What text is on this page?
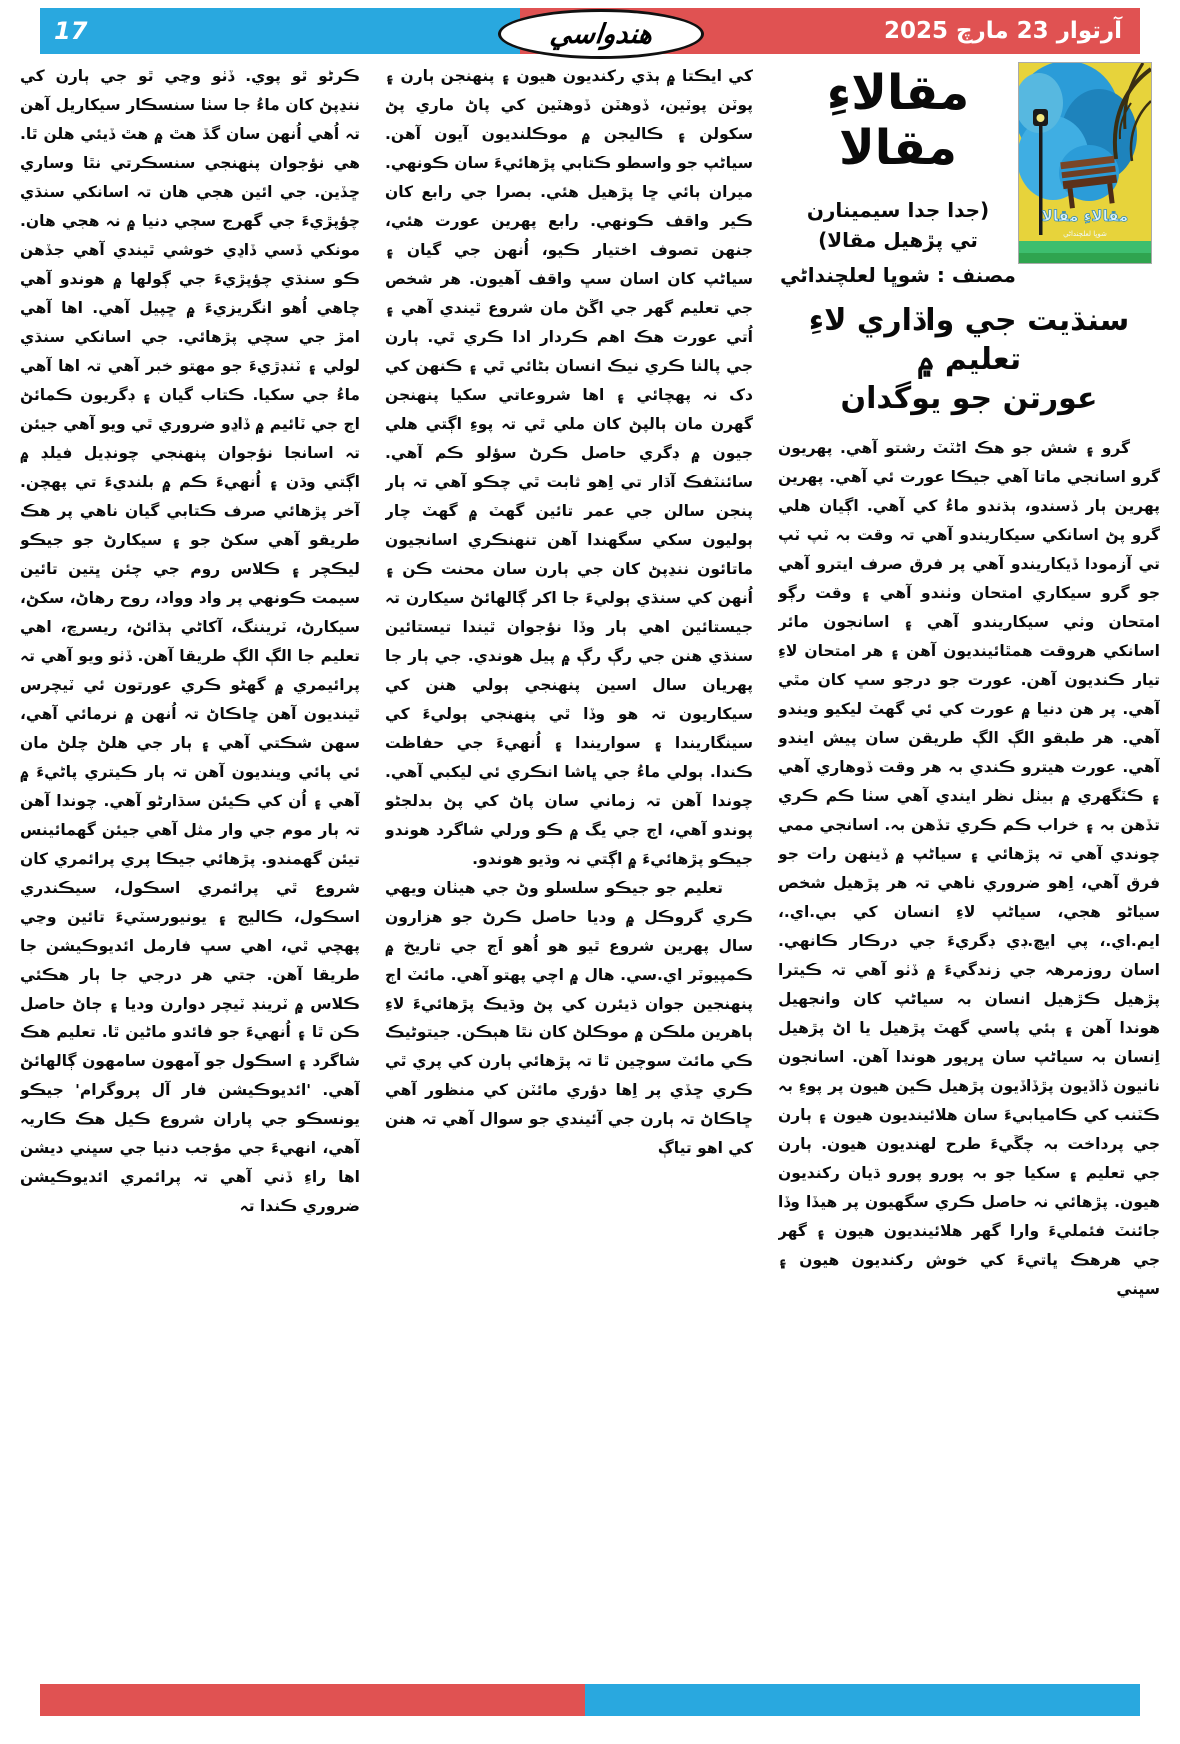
17	آرتوار 23 مارچ 2025
هندواسي
مقالاءِ مقالا
شوڀا لعلچنداڻي
مقالاءِ
مقالا
(جدا جدا سيمينارن
تي پڙهيل مقالا)
مصنف : شوڀا لعلچنداڻي
سنڌيت جي واڌاري لاءِ تعليم ۾
عورتن جو يوگدان

گرو ۽ شش جو هڪ اڻٽٽ رشتو آهي. پهريون گرو اسانجي ماتا آهي جيڪا عورت ئي آهي. پهرين پهرين ٻار ڏسندو، ٻڌندو ماءُ کي آهي. اڳيان هلي گرو پڻ اسانکي سيکاريندو آهي تہ وقت بہ ٽپ ٽپ تي آزمودا ڏيکاريندو آهي پر فرق صرف ايترو آهي جو گرو سيکاري امتحان وٺندو آهي ۽ وقت رڳو امتحان وٺي سيکاريندو آهي ۽ اسانجون مائر اسانکي هروقت همٿائينديون آهن ۽ هر امتحان لاءِ تيار ڪنديون آهن. عورت جو درجو سڀ کان مٿي آهي. پر هن دنيا ۾ عورت کي ئي گهٽ ليکيو ويندو آهي. هر طبقو الڳ الڳ طريقن سان پيش ايندو آهي. عورت هيترو ڪندي بہ هر وقت ڏوهاري آهي ۽ ڪٽگهري ۾ بيٺل نظر ايندي آهي سٺا ڪم ڪري تڏهن بہ ۽ خراب ڪم ڪري تڏهن بہ. اسانجي ممي چوندي آهي تہ پڙهائي ۽ سياڻپ ۾ ڏينهن رات جو فرق آهي، اِهو ضروري ناهي تہ هر پڙهيل شخص سياڻو هجي، سياڻپ لاءِ انسان کي بي.اي.، ايم.اي.، پي ايڇ.ڊي ڊگريءَ جي درڪار ڪانهي. اسان روزمرهہ جي زندگيءَ ۾ ڏٺو آهي تہ ڪيترا پڙهيل ڪڙهيل انسان بہ سياڻپ کان وانجهيل هوندا آهن ۽ ٻئي پاسي گهٽ پڙهيل يا اڻ پڙهيل اِنسان بہ سياڻپ سان ڀرپور هوندا آهن. اسانجون نانيون ڏاڏيون پڙڏاڏيون پڙهيل ڪين هيون پر پوءِ بہ ڪٽنب کي ڪاميابيءَ سان هلائينديون هيون ۽ ٻارن جي پرداخت بہ چڱيءَ طرح لهنديون هيون. ٻارن جي تعليم ۽ سکيا جو بہ پورو پورو ڌيان رکنديون هيون. پڙهائي نہ حاصل ڪري سگهيون پر هيڏا وڏا جائنٽ فئمليءَ وارا گهر هلائينديون هيون ۽ گهر جي هرهڪ ڀاتيءَ کي خوش رکنديون هيون ۽ سڀني

کي ايڪتا ۾ ٻڌي رکنديون هيون ۽ پنهنجن ٻارن ۽ پوٽن پوٽين، ڏوهٽن ڏوهٽين کي پاڻ ماري پڻ سکولن ۽ ڪاليجن ۾ موڪلنديون آيون آهن. سياڻپ جو واسطو ڪتابي پڙهائيءَ سان ڪونهي. ميران ٻائي ڇا پڙهيل هئي. بصرا جي رابع کان ڪير واقف ڪونهي. رابع پهرين عورت هئي، جنهن تصوف اختيار ڪيو، اُنهن جي گيان ۽ سياڻپ کان اسان سڀ واقف آهيون. هر شخص جي تعليم گهر جي اڱڻ مان شروع ٿيندي آهي ۽ اُتي عورت هڪ اهم ڪردار ادا ڪري ٿي. ٻارن جي پالنا ڪري نيڪ انسان بڻائي ٿي ۽ ڪنهن کي دک نہ پهچائي ۽ اها شروعاتي سکيا پنهنجن گهرن مان ٻالپڻ کان ملي ٿي تہ پوءِ اڳتي هلي جيون ۾ ڊگري حاصل ڪرڻ سؤلو ڪم آهي. سائنٽفڪ آڌار تي اِهو ثابت ٿي چڪو آهي تہ ٻار پنجن سالن جي عمر تائين گهٽ ۾ گهٽ چار ٻوليون سکي سگهندا آهن تنهنڪري اسانجيون ماتائون ننڍپڻ کان جي ٻارن سان محنت ڪن ۽ اُنهن کي سنڌي ٻوليءَ جا اکر ڳالهائڻ سيکارن تہ جيستائين اهي ٻار وڏا نؤجوان ٿيندا تيستائين سنڌي هنن جي رڳ رڳ ۾ پيل هوندي. جي ٻار جا پهريان سال اسين پنهنجي ٻولي هنن کي سيکاريون تہ هو وڏا ٿي پنهنجي ٻوليءَ کي سينگاريندا ۽ سواريندا ۽ اُنهيءَ جي حفاظت ڪندا. ٻولي ماءُ جي ڀاشا انڪري ئي ليکبي آهي. چوندا آهن تہ زماني سان پاڻ کي پڻ بدلجڻو پوندو آهي، اڄ جي يگ ۾ ڪو ورلي شاگرد هوندو جيڪو پڙهائيءَ ۾ اڳتي نہ وڌيو هوندو.

تعليم جو جيڪو سلسلو وڻ جي هيٺان ويهي ڪري گروڪل ۾ وديا حاصل ڪرڻ جو هزارون سال پهرين شروع ٿيو هو اُهو اَڄ جي تاريخ ۾ ڪمپيوٽر اي.سي. هال ۾ اچي پهتو آهي. مائٽ اڄ پنهنجين جوان ڌيئرن کي پڻ وڌيڪ پڙهائيءَ لاءِ ٻاهرين ملڪن ۾ موڪلڻ کان نٿا هٻڪن. جيتوڻيڪ ڪي مائٽ سوچين ٿا تہ پڙهائي ٻارن کي پري ٿي ڪري ڇڏي پر اِها دؤري مائٽن کي منظور آهي ڇاڪاڻ تہ ٻارن جي آئيندي جو سوال آهي تہ هنن کي اهو تياڳ

ڪرڻو ٿو پوي. ڏٺو وڃي ٿو جي ٻارن کي ننڍپڻ کان ماءُ جا سٺا سنسڪار سيکاريل آهن تہ اُهي اُنهن سان گڏ هٿ ۾ هٿ ڏيئي هلن ٿا. هي نؤجوان پنهنجي سنسڪرتي نٿا وساري ڇڏين. جي ائين هجي هان تہ اسانکي سنڌي چؤپڙيءَ جي گهرج سڄي دنيا ۾ نہ هجي هان. مونکي ڏسي ڏاڍي خوشي ٿيندي آهي جڏهن ڪو سنڌي چؤپڙيءَ جي ڳولها ۾ هوندو آهي چاهي اُهو انگريزيءَ ۾ ڇپيل آهي. اها آهي امڙ جي سچي پڙهائي. جي اسانکي سنڌي لولي ۽ ٽنڊڙيءَ جو مهتو خبر آهي تہ اها آهي ماءُ جي سکيا. ڪتاب گيان ۽ ڊگريون ڪمائڻ اڄ جي ٽائيم ۾ ڏاڍو ضروري ٿي ويو آهي جيئن تہ اسانجا نؤجوان پنهنجي چونڊيل فيلڊ ۾ اڳتي وڌن ۽ اُنهيءَ ڪم ۾ بلنديءَ تي پهچن. آخر پڙهائي صرف ڪتابي گيان ناهي پر هڪ طريقو آهي سکڻ جو ۽ سيکارڻ جو جيڪو ليڪچر ۽ ڪلاس روم جي چئن ڀتين تائين سيمت ڪونهي پر واد وواد، روح رهاڻ، سکڻ، سيکارڻ، ٽريننگ، آکاڻي ٻڌائڻ، ريسرچ، اهي تعليم جا الڳ الڳ طريقا آهن. ڏٺو ويو آهي تہ پرائيمري ۾ گهڻو ڪري عورتون ئي ٽيچرس ٿينديون آهن ڇاڪاڻ تہ اُنهن ۾ نرمائي آهي، سهن شڪتي آهي ۽ ٻار جي هلڻ چلڻ مان ئي پائي وينديون آهن تہ ٻار ڪيتري پاڻيءَ ۾ آهي ۽ اُن کي ڪيئن سڌارڻو آهي. چوندا آهن تہ ٻار موم جي وار مثل آهي جيئن گهمائينس تيئن گهمندو. پڙهائي جيڪا پري پرائمري کان شروع ٿي پرائمري اسڪول، سيڪندري اسڪول، ڪاليج ۽ يونيورسٽيءَ تائين وڃي پهچي ٿي، اهي سڀ فارمل ائديوڪيشن جا طريقا آهن. جتي هر درجي جا ٻار هڪئي ڪلاس ۾ ٽرينڊ ٽيچر دوارن وديا ۽ ڄاڻ حاصل ڪن ٿا ۽ اُنهيءَ جو فائدو ماڻين ٿا. تعليم هڪ شاگرد ۽ اسڪول جو آمهون سامهون ڳالهائڻ آهي. 'ائديوڪيشن فار آل پروگرام' جيڪو يونسڪو جي پاران شروع ڪيل هڪ ڪاريہ آهي، انهيءَ جي مؤجب دنيا جي سڀني ديشن اها راءِ ڏني آهي تہ پرائمري ائديوڪيشن ضروري ڪندا تہ
